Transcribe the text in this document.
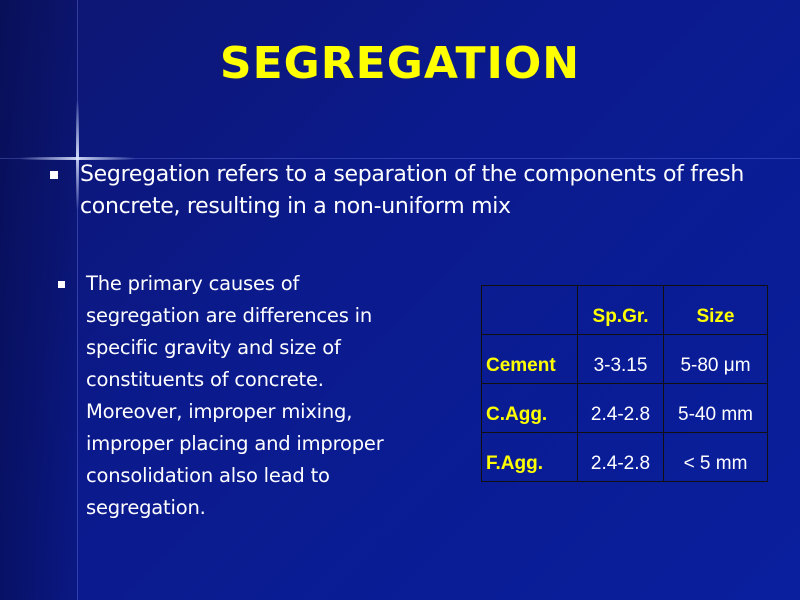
SEGREGATION
Segregation refers to a separation of the components of fresh concrete, resulting in a non-uniform mix
The primary causes of segregation are differences in specific gravity and size of constituents of concrete. Moreover, improper mixing, improper placing and improper consolidation also lead to segregation.
	Sp.Gr.	Size
Cement	3-3.15	5-80 μm
C.Agg.	2.4-2.8	5-40 mm
F.Agg.	2.4-2.8	< 5 mm
